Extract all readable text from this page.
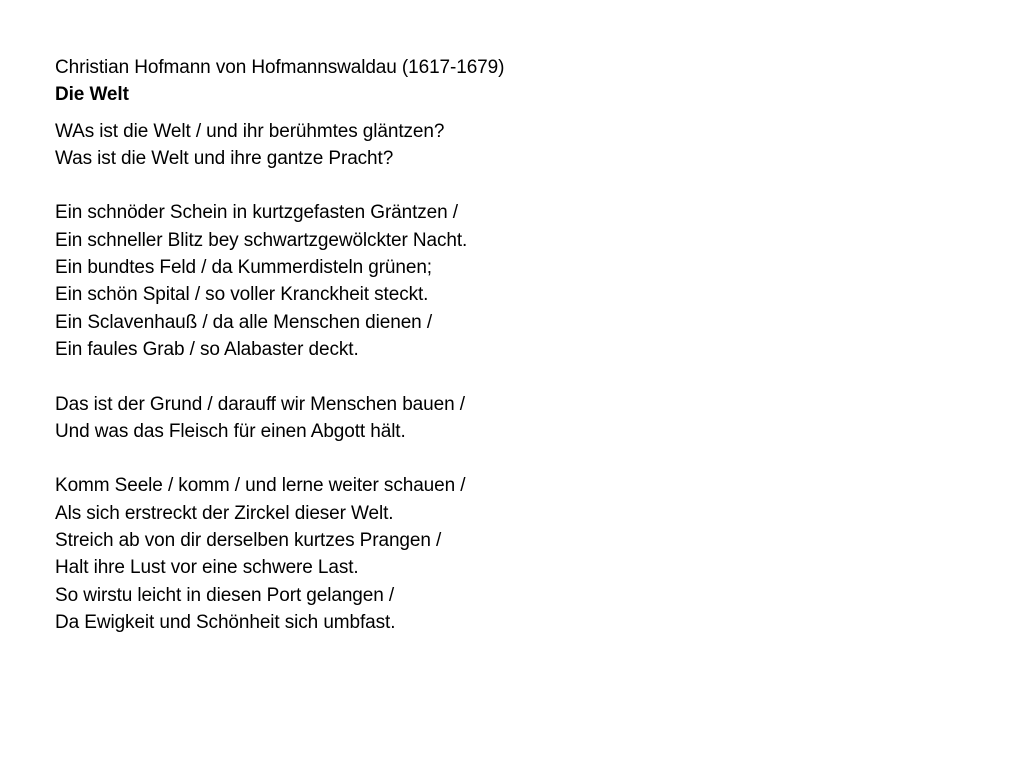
Christian Hofmann von Hofmannswaldau (1617-1679)
Die Welt
WAs ist die Welt / und ihr berühmtes gläntzen?
Was ist die Welt und ihre gantze Pracht?
Ein schnöder Schein in kurtzgefasten Gräntzen /
Ein schneller Blitz bey schwartzgewölckter Nacht.
Ein bundtes Feld / da Kummerdisteln grünen;
Ein schön Spital / so voller Kranckheit steckt.
Ein Sclavenhauß / da alle Menschen dienen /
Ein faules Grab / so Alabaster deckt.
Das ist der Grund / darauff wir Menschen bauen /
Und was das Fleisch für einen Abgott hält.
Komm Seele / komm / und lerne weiter schauen /
Als sich erstreckt der Zirckel dieser Welt.
Streich ab von dir derselben kurtzes Prangen /
Halt ihre Lust vor eine schwere Last.
So wirstu leicht in diesen Port gelangen /
Da Ewigkeit und Schönheit sich umbfast.
